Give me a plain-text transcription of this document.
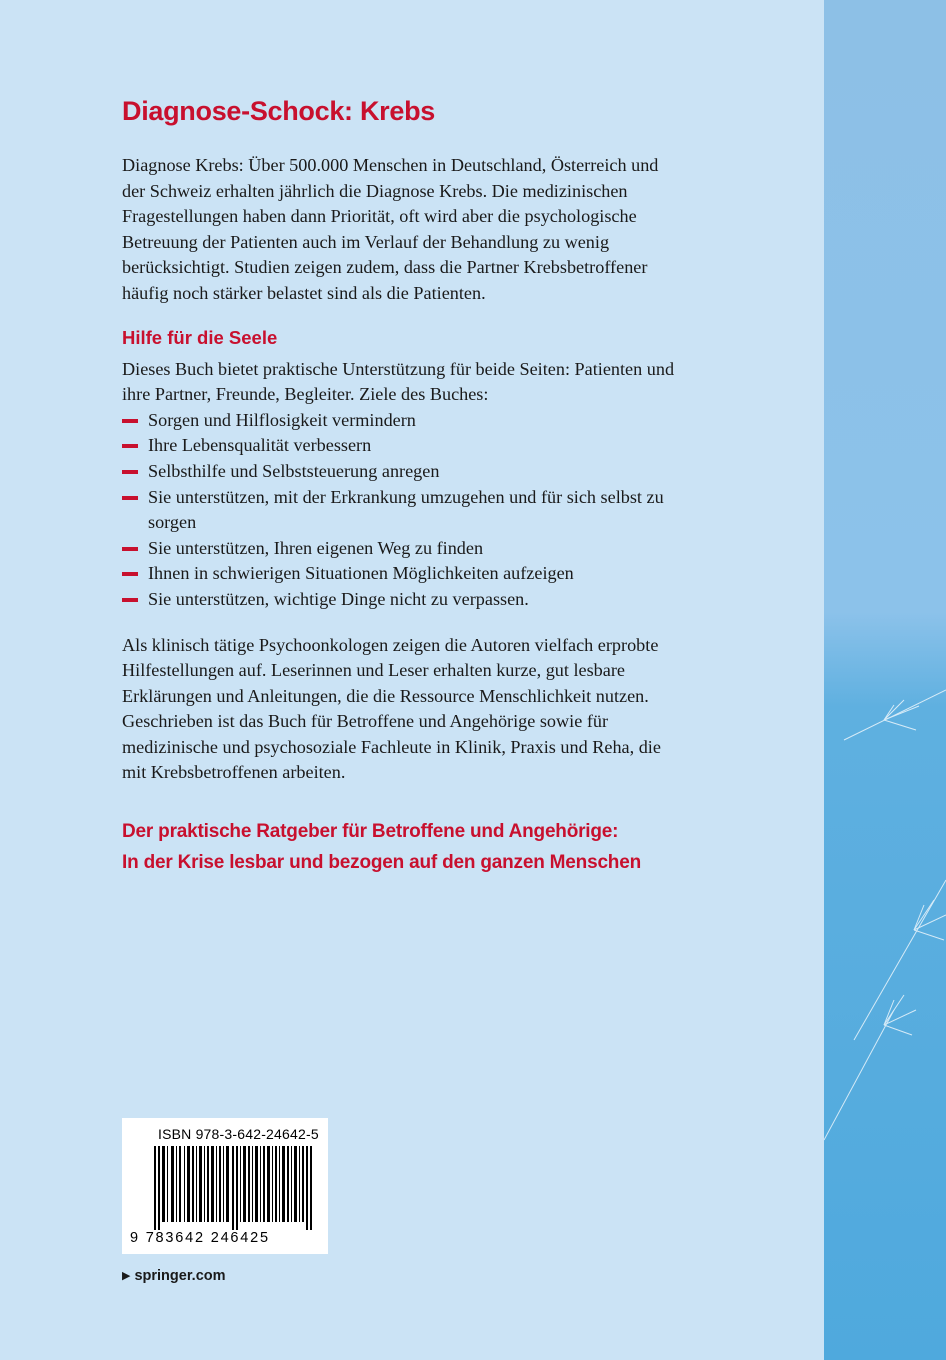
Diagnose-Schock: Krebs

Diagnose Krebs: Über 500.000 Menschen in Deutschland, Österreich und der Schweiz erhalten jährlich die Diagnose Krebs. Die medizinischen Fragestellungen haben dann Priorität, oft wird aber die psychologische Betreuung der Patienten auch im Verlauf der Behandlung zu wenig berücksichtigt. Studien zeigen zudem, dass die Partner Krebsbetroffener häufig noch stärker belastet sind als die Patienten.

Hilfe für die Seele

Dieses Buch bietet praktische Unterstützung für beide Seiten: Patienten und ihre Partner, Freunde, Begleiter. Ziele des Buches:

Sorgen und Hilflosigkeit vermindern
Ihre Lebensqualität verbessern
Selbsthilfe und Selbststeuerung anregen
Sie unterstützen, mit der Erkrankung umzugehen und für sich selbst zu sorgen
Sie unterstützen, Ihren eigenen Weg zu finden
Ihnen in schwierigen Situationen Möglichkeiten aufzeigen
Sie unterstützen, wichtige Dinge nicht zu verpassen.

Als klinisch tätige Psychoonkologen zeigen die Autoren vielfach erprobte Hilfestellungen auf. Leserinnen und Leser erhalten kurze, gut lesbare Erklärungen und Anleitungen, die die Ressource Menschlichkeit nutzen. Geschrieben ist das Buch für Betroffene und Angehörige sowie für medizinische und psychosoziale Fachleute in Klinik, Praxis und Reha, die mit Krebsbetroffenen arbeiten.

Der praktische Ratgeber für Betroffene und Angehörige:
In der Krise lesbar und bezogen auf den ganzen Menschen
ISBN 978-3-642-24642-5
9 783642 246425
▶ springer.com
